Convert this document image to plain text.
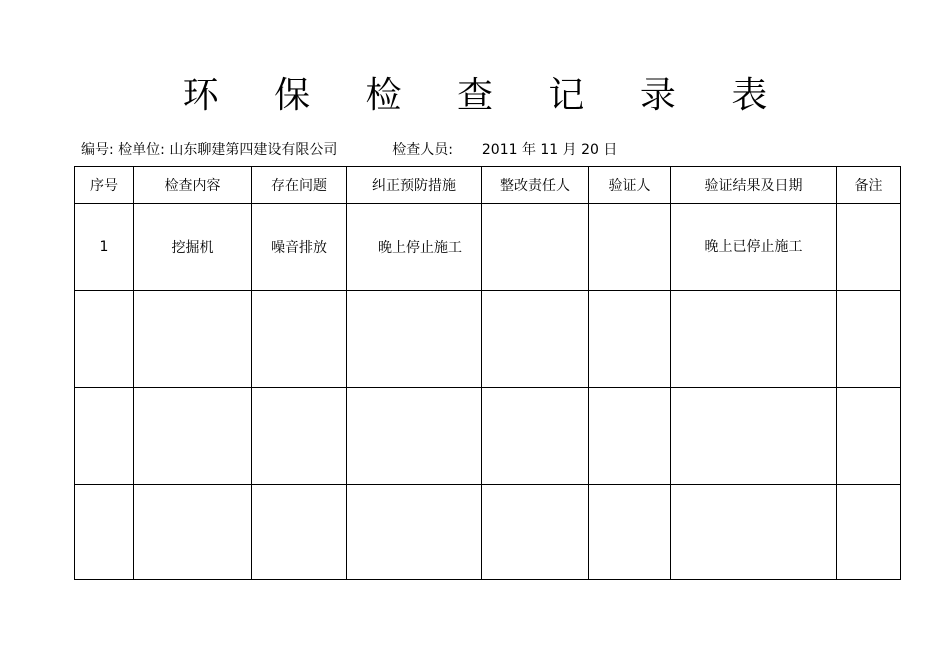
环 保 检 查 记 录 表
编号: 检单位: 山东聊建第四建设有限公司	检查人员: 2011 年 11 月 20 日
序号	检查内容	存在问题	纠正预防措施	整改责任人	验证人	验证结果及日期	备注
1	挖掘机	噪音排放	晚上停止施工			晚上已停止施工	
